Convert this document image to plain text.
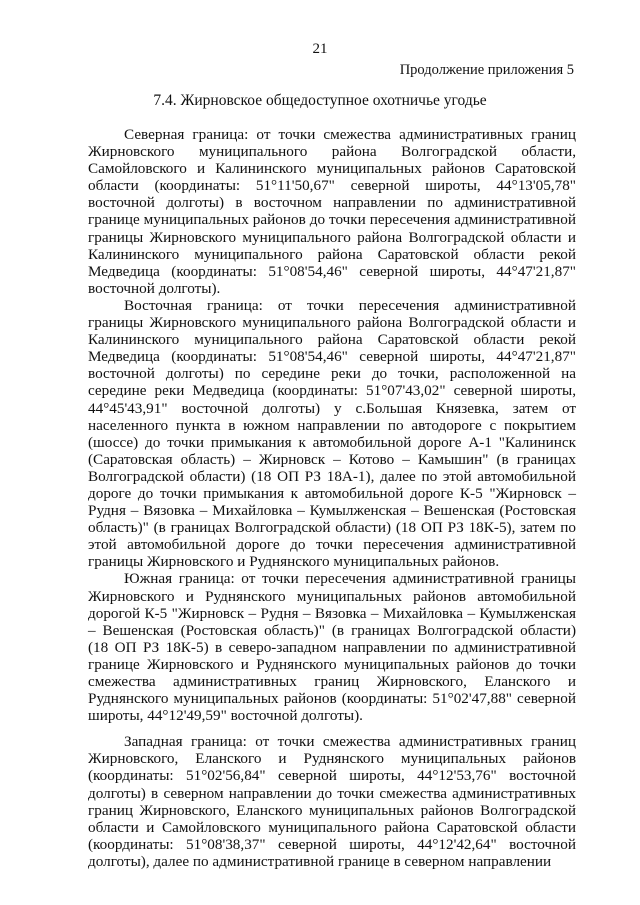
21
Продолжение приложения 5
7.4. Жирновское общедоступное охотничье угодье

Северная граница: от точки смежества административных границ Жирновского муниципального района Волгоградской области, Самойловского и Калининского муниципальных районов Саратовской области (координаты: 51°11'50,67" северной широты, 44°13'05,78" восточной долготы) в восточном направлении по административной границе муниципальных районов до точки пересечения административной границы Жирновского муниципального района Волгоградской области и Калининского муниципального района Саратовской области рекой Медведица (координаты: 51°08'54,46" северной широты, 44°47'21,87" восточной долготы).

Восточная граница: от точки пересечения административной границы Жирновского муниципального района Волгоградской области и Калининского муниципального района Саратовской области рекой Медведица (координаты: 51°08'54,46" северной широты, 44°47'21,87" восточной долготы) по середине реки до точки, расположенной на середине реки Медведица (координаты: 51°07'43,02" северной широты, 44°45'43,91" восточной долготы) у с.Большая Князевка, затем от населенного пункта в южном направлении по автодороге с покрытием (шоссе) до точки примыкания к автомобильной дороге А-1 "Калининск (Саратовская область) – Жирновск – Котово – Камышин" (в границах Волгоградской области) (18 ОП РЗ 18А-1), далее по этой автомобильной дороге до точки примыкания к автомобильной дороге К-5 "Жирновск – Рудня – Вязовка – Михайловка – Кумылженская – Вешенская (Ростовская область)" (в границах Волгоградской области) (18 ОП РЗ 18К-5), затем по этой автомобильной дороге до точки пересечения административной границы Жирновского и Руднянского муниципальных районов.

Южная граница: от точки пересечения административной границы Жирновского и Руднянского муниципальных районов автомобильной дорогой К-5 "Жирновск – Рудня – Вязовка – Михайловка – Кумылженская – Вешенская (Ростовская область)" (в границах Волгоградской области) (18 ОП РЗ 18К-5) в северо-западном направлении по административной границе Жирновского и Руднянского муниципальных районов до точки смежества административных границ Жирновского, Еланского и Руднянского муниципальных районов (координаты: 51°02'47,88" северной широты, 44°12'49,59" восточной долготы).

Западная граница: от точки смежества административных границ Жирновского, Еланского и Руднянского муниципальных районов (координаты: 51°02'56,84" северной широты, 44°12'53,76" восточной долготы) в северном направлении до точки смежества административных границ Жирновского, Еланского муниципальных районов Волгоградской области и Самойловского муниципального района Саратовской области (координаты: 51°08'38,37" северной широты, 44°12'42,64" восточной долготы), далее по административной границе в северном направлении
